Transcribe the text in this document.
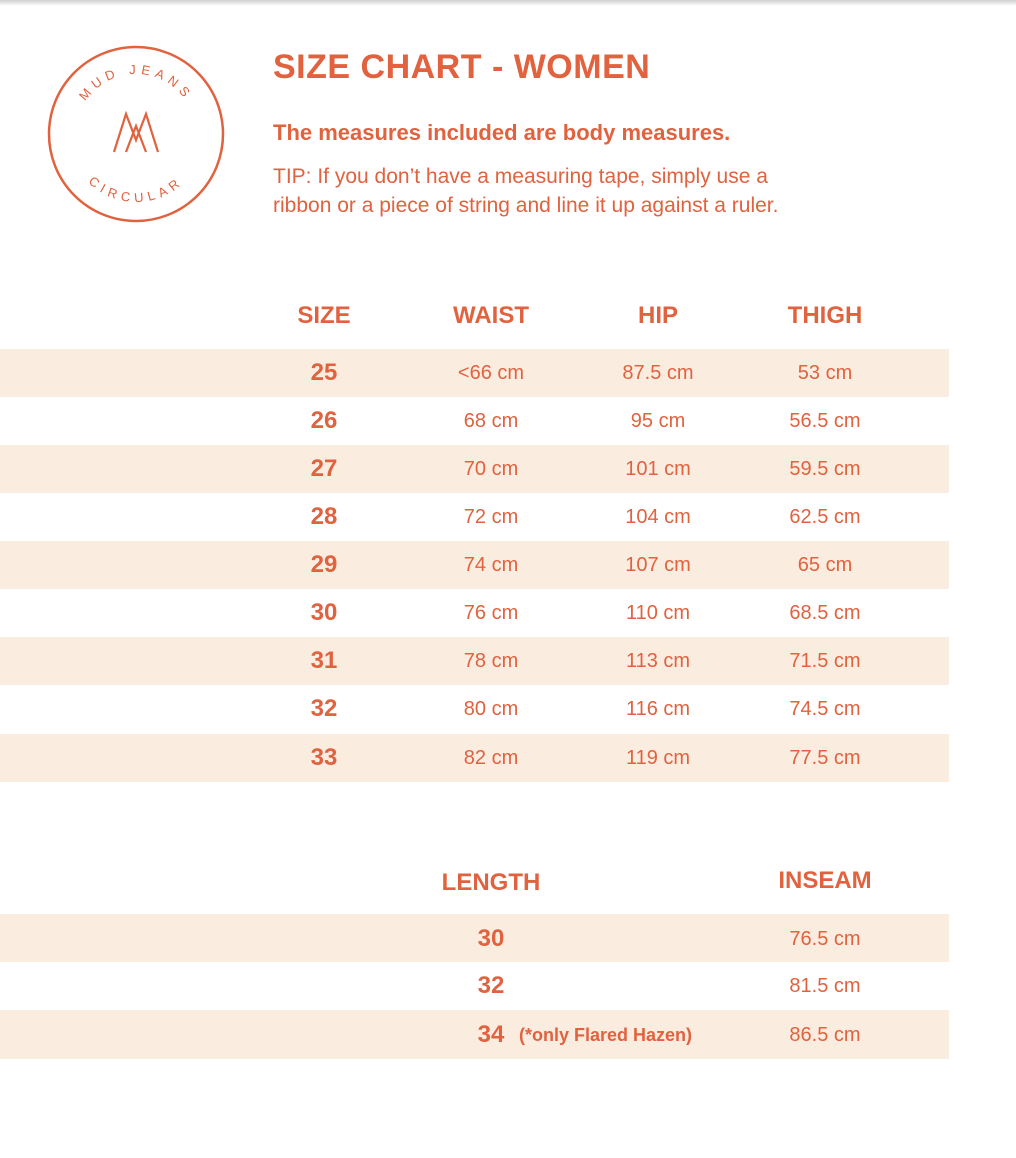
MUD JEANS
CIRCULAR
SIZE CHART - WOMEN

The measures included are body measures.

TIP: If you don’t have a measuring tape, simply use a
ribbon or a piece of string and line it up against a ruler.

SIZE	WAIST	HIP	THIGH
25	<66 cm	87.5 cm	53 cm
26	68 cm	95 cm	56.5 cm
27	70 cm	101 cm	59.5 cm
28	72 cm	104 cm	62.5 cm
29	74 cm	107 cm	65 cm
30	76 cm	110 cm	68.5 cm
31	78 cm	113 cm	71.5 cm
32	80 cm	116 cm	74.5 cm
33	82 cm	119 cm	77.5 cm
LENGTH	INSEAM
30	76.5 cm
32	81.5 cm
34 (*only Flared Hazen)	86.5 cm
